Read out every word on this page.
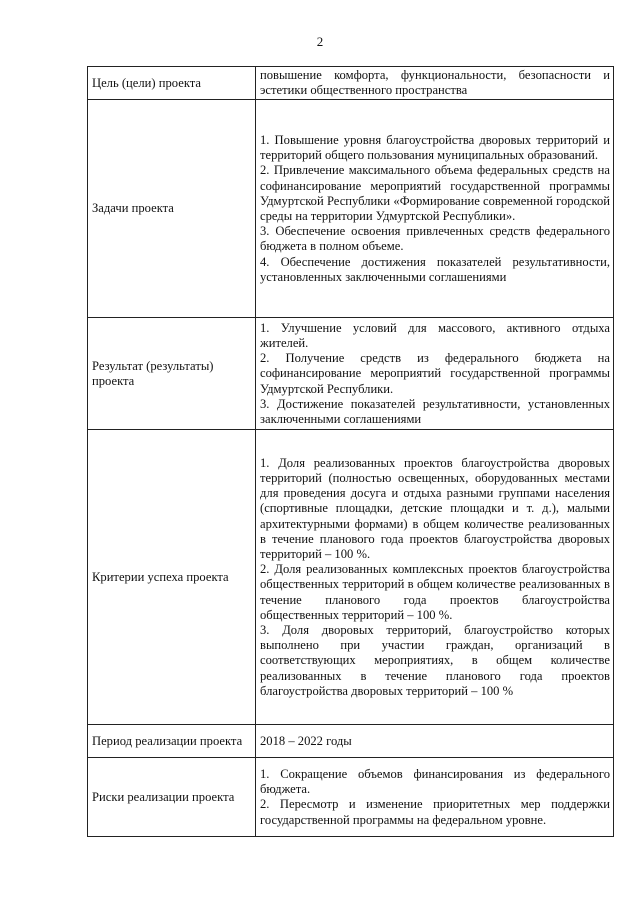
2
Цель (цели) проекта	повышение комфорта, функциональности, безопасности и эстетики общественного пространства

Задачи проекта	1. Повышение уровня благоустройства дворовых территорий и территорий общего пользования муниципальных образований.

2. Привлечение максимального объема федеральных средств на софинансирование мероприятий государственной программы Удмуртской Республики «Формирование современной городской среды на территории Удмуртской Республики».

3. Обеспечение освоения привлеченных средств федерального бюджета в полном объеме.

4. Обеспечение достижения показателей результативности, установленных заключенными соглашениями

Результат (результаты) проекта	1. Улучшение условий для массового, активного отдыха жителей.

2. Получение средств из федерального бюджета на софинансирование мероприятий государственной программы Удмуртской Республики.

3. Достижение показателей результативности, установленных заключенными соглашениями

Критерии успеха проекта	1. Доля реализованных проектов благоустройства дворовых территорий (полностью освещенных, оборудованных местами для проведения досуга и отдыха разными группами населения (спортивные площадки, детские площадки и т. д.), малыми архитектурными формами) в общем количестве реализованных в течение планового года проектов благоустройства дворовых территорий – 100 %.

2. Доля реализованных комплексных проектов благоустройства общественных территорий в общем количестве реализованных в течение планового года проектов благоустройства общественных территорий – 100 %.

3. Доля дворовых территорий, благоустройство которых выполнено при участии граждан, организаций в соответствующих мероприятиях, в общем количестве реализованных в течение планового года проектов благоустройства дворовых территорий – 100 %

Период реализации проекта	2018 – 2022 годы

Риски реализации проекта	1. Сокращение объемов финансирования из федерального бюджета.

2. Пересмотр и изменение приоритетных мер поддержки государственной программы на федеральном уровне.
